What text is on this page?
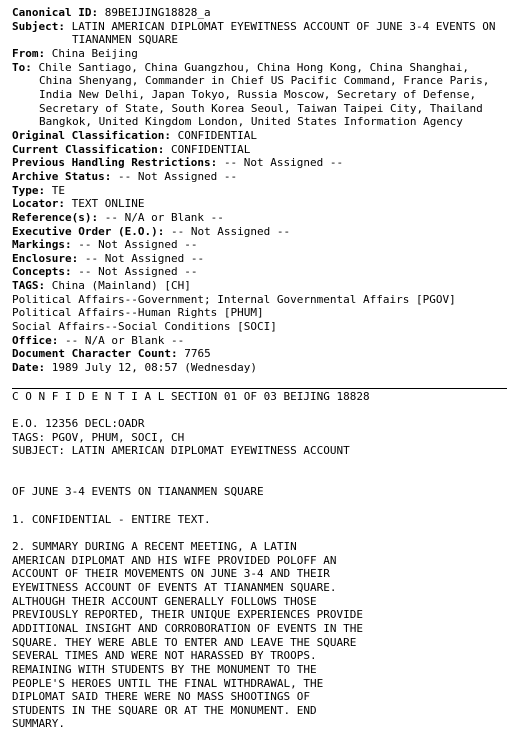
Canonical ID: 89BEIJING18828_a
Subject: LATIN AMERICAN DIPLOMAT EYEWITNESS ACCOUNT OF JUNE 3-4 EVENTS ON TIANANMEN SQUARE
From: China Beijing
To: Chile Santiago, China Guangzhou, China Hong Kong, China Shanghai, China Shenyang, Commander in Chief US Pacific Command, France Paris, India New Delhi, Japan Tokyo, Russia Moscow, Secretary of Defense, Secretary of State, South Korea Seoul, Taiwan Taipei City, Thailand Bangkok, United Kingdom London, United States Information Agency
Original Classification: CONFIDENTIAL
Current Classification: CONFIDENTIAL
Previous Handling Restrictions: -- Not Assigned --
Archive Status: -- Not Assigned --
Type: TE
Locator: TEXT ONLINE
Reference(s): -- N/A or Blank --
Executive Order (E.O.): -- Not Assigned --
Markings: -- Not Assigned --
Enclosure: -- Not Assigned --
Concepts: -- Not Assigned --
TAGS: China (Mainland) [CH]
Political Affairs--Government; Internal Governmental Affairs [PGOV]
Political Affairs--Human Rights [PHUM]
Social Affairs--Social Conditions [SOCI]
Office: -- N/A or Blank --
Document Character Count: 7765
Date: 1989 July 12, 08:57 (Wednesday)
C O N F I D E N T I A L SECTION 01 OF 03 BEIJING 18828

E.O. 12356 DECL:OADR
TAGS: PGOV, PHUM, SOCI, CH
SUBJECT: LATIN AMERICAN DIPLOMAT EYEWITNESS ACCOUNT

OF JUNE 3-4 EVENTS ON TIANANMEN SQUARE

1. CONFIDENTIAL - ENTIRE TEXT.

2. SUMMARY DURING A RECENT MEETING, A LATIN
AMERICAN DIPLOMAT AND HIS WIFE PROVIDED POLOFF AN
ACCOUNT OF THEIR MOVEMENTS ON JUNE 3-4 AND THEIR
EYEWITNESS ACCOUNT OF EVENTS AT TIANANMEN SQUARE.
ALTHOUGH THEIR ACCOUNT GENERALLY FOLLOWS THOSE
PREVIOUSLY REPORTED, THEIR UNIQUE EXPERIENCES PROVIDE
ADDITIONAL INSIGHT AND CORROBORATION OF EVENTS IN THE
SQUARE. THEY WERE ABLE TO ENTER AND LEAVE THE SQUARE
SEVERAL TIMES AND WERE NOT HARASSED BY TROOPS.
REMAINING WITH STUDENTS BY THE MONUMENT TO THE
PEOPLE'S HEROES UNTIL THE FINAL WITHDRAWAL, THE
DIPLOMAT SAID THERE WERE NO MASS SHOOTINGS OF
STUDENTS IN THE SQUARE OR AT THE MONUMENT. END
SUMMARY.
